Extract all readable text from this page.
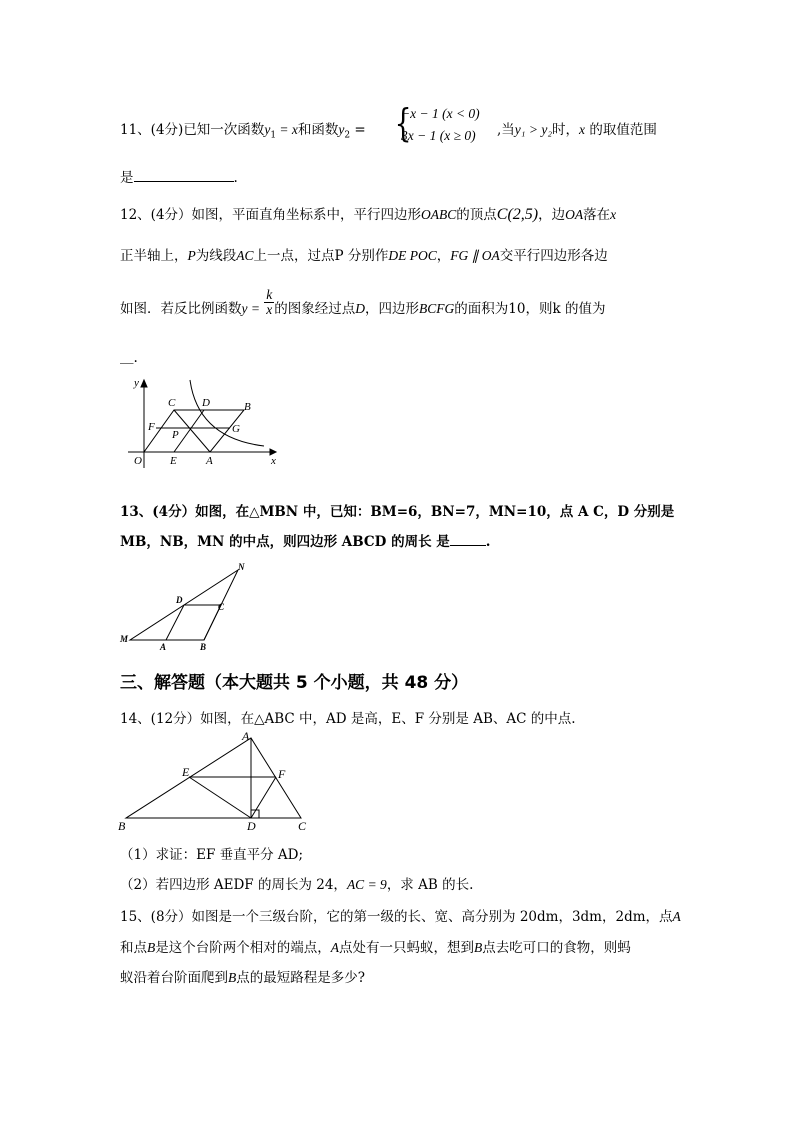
11、(4分)已知一次函数$y_1 = x$和函数$y_2$ = {
−x − 1 (x < 0)
3x − 1 (x ≥ 0)	,当y₁ > y₂时，x 的取值范围
是	.
12、(4分）如图，平面直角坐标系中，平行四边形OABC的顶点C(2,5)，边OA落在x
正半轴上，P为线段AC上一点，过点P 分别作DE POC，FG ∥ OA交平行四边形各边
如图．若反比例函数$y = \frac{k}{x}$ 的图象经过点D，四边形BCFG的面积为10，则k 的值为
＿.
y
C D	B
F
P	G
O	E	A	x
13、(4分）如图，在△MBN 中，已知：BM=6，BN=7，MN=10，点 A C，D 分别是
MB，NB，MN 的中点，则四边形 ABCD 的周长 是	.
N
D
C
M
A	B
三、解答题（本大题共 5 个小题，共 48 分）
14、(12分）如图，在△ABC 中，AD 是高，E、F 分别是 AB、AC 的中点.
A
E	F
B	D	C
（1）求证：EF 垂直平分 AD;
（2）若四边形 AEDF 的周长为 24，AC = 9，求 AB 的长.
15、(8分）如图是一个三级台阶，它的第一级的长、宽、高分别为 20dm，3dm，2dm，点A
和点B是这个台阶两个相对的端点，A点处有一只蚂蚁，想到B点去吃可口的食物，则蚂
蚁沿着台阶面爬到B点的最短路程是多少?
